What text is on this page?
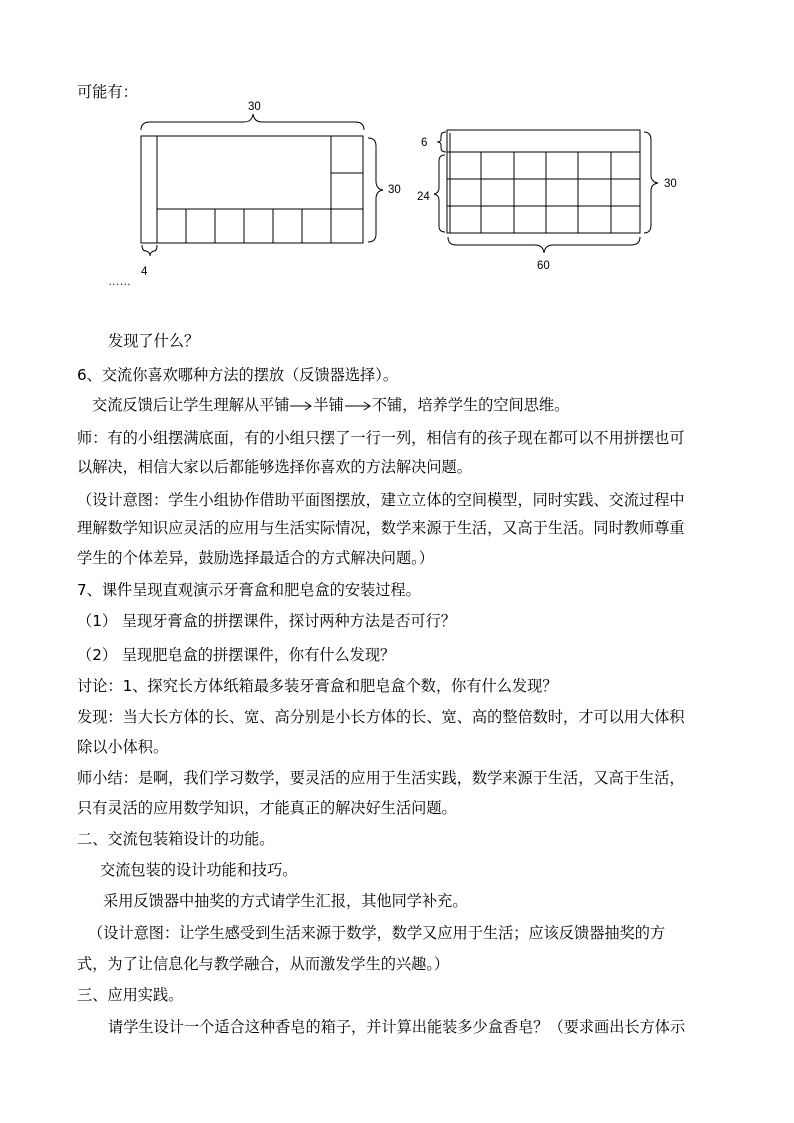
可能有：
30
30
4
……
6
24
30
60
发现了什么？
6、交流你喜欢哪种方法的摆放（反馈器选择）。
交流反馈后让学生理解从平铺 半铺 不铺，培养学生的空间思维。
师：有的小组摆满底面，有的小组只摆了一行一列，相信有的孩子现在都可以不用拼摆也可
以解决，相信大家以后都能够选择你喜欢的方法解决问题。
（设计意图：学生小组协作借助平面图摆放，建立立体的空间模型，同时实践、交流过程中
理解数学知识应灵活的应用与生活实际情况，数学来源于生活，又高于生活。同时教师尊重
学生的个体差异，鼓励选择最适合的方式解决问题。）
7、课件呈现直观演示牙膏盒和肥皂盒的安装过程。
（1） 呈现牙膏盒的拼摆课件，探讨两种方法是否可行？
（2） 呈现肥皂盒的拼摆课件，你有什么发现？
讨论：1、探究长方体纸箱最多装牙膏盒和肥皂盒个数，你有什么发现？
发现：当大长方体的长、宽、高分别是小长方体的长、宽、高的整倍数时，才可以用大体积
除以小体积。
师小结：是啊，我们学习数学，要灵活的应用于生活实践，数学来源于生活，又高于生活，
只有灵活的应用数学知识，才能真正的解决好生活问题。
二、交流包装箱设计的功能。
交流包装的设计功能和技巧。
采用反馈器中抽奖的方式请学生汇报，其他同学补充。
（设计意图：让学生感受到生活来源于数学，数学又应用于生活；应该反馈器抽奖的方
式，为了让信息化与教学融合，从而激发学生的兴趣。）
三、应用实践。
请学生设计一个适合这种香皂的箱子，并计算出能装多少盒香皂？（要求画出长方体示
